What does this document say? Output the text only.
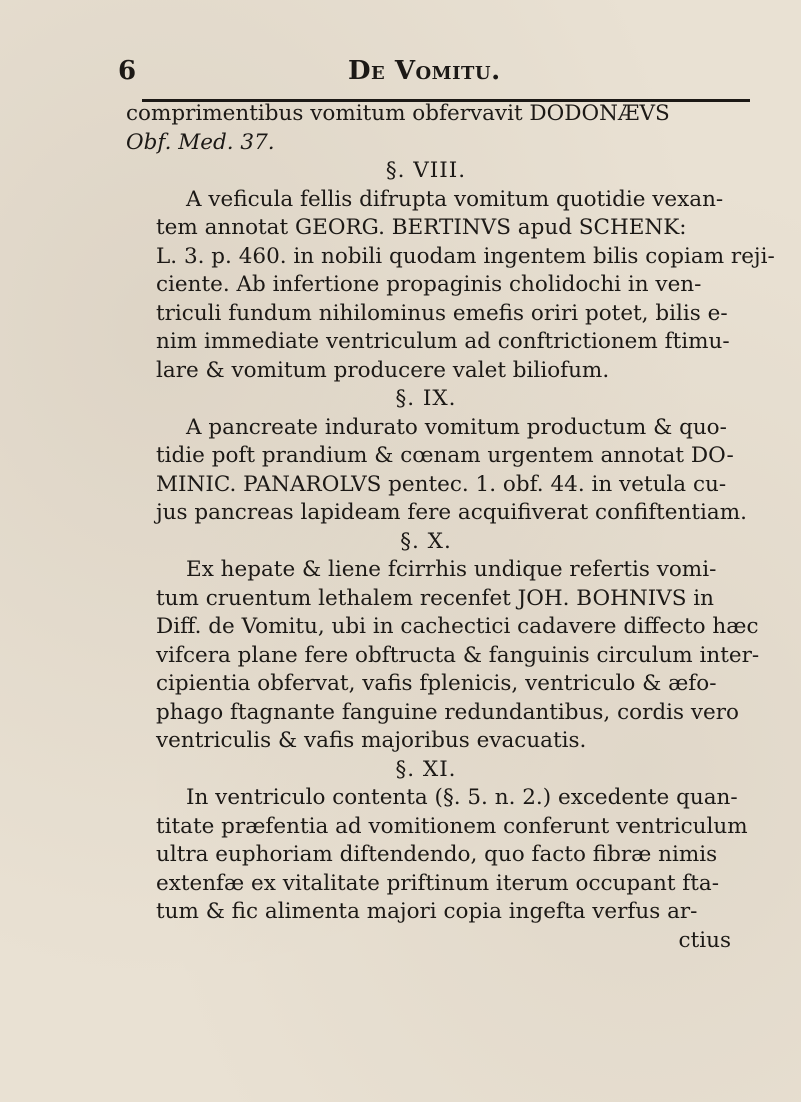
6	De Vomitu.
comprimentibus vomitum obfervavit DODONÆVS
Obf. Med. 37.
§. VIII.
A veficula fellis difrupta vomitum quotidie vexan-
tem annotat GEORG. BERTINVS apud SCHENK:
L. 3. p. 460. in nobili quodam ingentem bilis copiam reji-
ciente. Ab infertione propaginis cholidochi in ven-
triculi fundum nihilominus emefis oriri potet, bilis e-
nim immediate ventriculum ad conftrictionem ftimu-
lare & vomitum producere valet biliofum.
§. IX.
A pancreate indurato vomitum productum & quo-
tidie poft prandium & cœnam urgentem annotat DO-
MINIC. PANAROLVS pentec. 1. obf. 44. in vetula cu-
jus pancreas lapideam fere acquifiverat confiftentiam.
§. X.
Ex hepate & liene fcirrhis undique refertis vomi-
tum cruentum lethalem recenfet JOH. BOHNIVS in
Diff. de Vomitu, ubi in cachectici cadavere diffecto hæc
vifcera plane fere obftructa & fanguinis circulum inter-
cipientia obfervat, vafis fplenicis, ventriculo & æfo-
phago ftagnante fanguine redundantibus, cordis vero
ventriculis & vafis majoribus evacuatis.
§. XI.
In ventriculo contenta (§. 5. n. 2.) excedente quan-
titate præfentia ad vomitionem conferunt ventriculum
ultra euphoriam diftendendo, quo facto fibræ nimis
extenfæ ex vitalitate priftinum iterum occupant fta-
tum & fic alimenta majori copia ingefta verfus ar-
ctius
